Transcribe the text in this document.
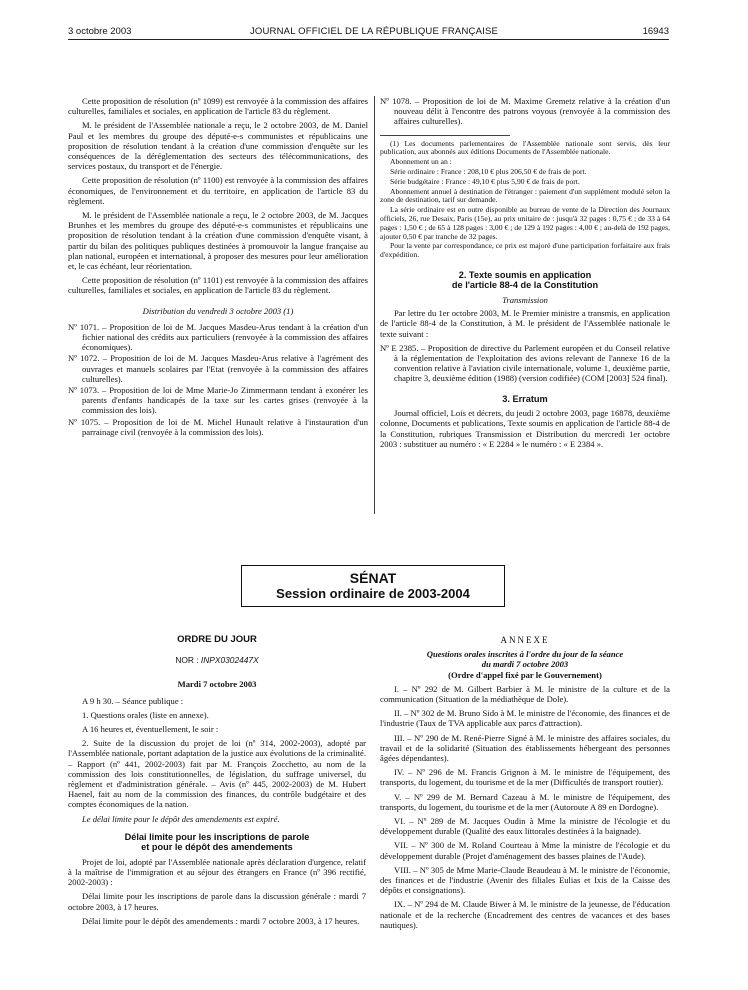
3 octobre 2003	JOURNAL OFFICIEL DE LA RÉPUBLIQUE FRANÇAISE	16943

Cette proposition de résolution (nº 1099) est renvoyée à la commission des affaires culturelles, familiales et sociales, en application de l'article 83 du règlement.

M. le président de l'Assemblée nationale a reçu, le 2 octobre 2003, de M. Daniel Paul et les membres du groupe des député-e-s communistes et républicains une proposition de résolution tendant à la création d'une commission d'enquête sur les conséquences de la déréglementation des secteurs des télécommunications, des services postaux, du transport et de l'énergie.

Cette proposition de résolution (nº 1100) est renvoyée à la commission des affaires économiques, de l'environnement et du territoire, en application de l'article 83 du règlement.

M. le président de l'Assemblée nationale a reçu, le 2 octobre 2003, de M. Jacques Brunhes et les membres du groupe des député-e-s communistes et républicains une proposition de résolution tendant à la création d'une commission d'enquête visant, à partir du bilan des politiques publiques destinées à promouvoir la langue française au plan national, européen et international, à proposer des mesures pour leur amélioration et, le cas échéant, leur réorientation.

Cette proposition de résolution (nº 1101) est renvoyée à la commission des affaires culturelles, familiales et sociales, en application de l'article 83 du règlement.

Distribution du vendredi 3 octobre 2003 (1)

Nº 1071. – Proposition de loi de M. Jacques Masdeu-Arus tendant à la création d'un fichier national des crédits aux particuliers (renvoyée à la commission des affaires économiques).

Nº 1072. – Proposition de loi de M. Jacques Masdeu-Arus relative à l'agrément des ouvrages et manuels scolaires par l'Etat (renvoyée à la commission des affaires culturelles).

Nº 1073. – Proposition de loi de Mme Marie-Jo Zimmermann tendant à exonérer les parents d'enfants handicapés de la taxe sur les cartes grises (renvoyée à la commission des lois).

Nº 1075. – Proposition de loi de M. Michel Hunault relative à l'instauration d'un parrainage civil (renvoyée à la commission des lois).

Nº 1078. – Proposition de loi de M. Maxime Gremetz relative à la création d'un nouveau délit à l'encontre des patrons voyous (renvoyée à la commission des affaires culturelles).

(1) Les documents parlementaires de l'Assemblée nationale sont servis, dès leur publication, aux abonnés aux éditions Documents de l'Assemblée nationale.

Abonnement un an :

Série ordinaire : France : 208,10 € plus 206,50 € de frais de port.

Série budgétaire : France : 49,10 € plus 5,90 € de frais de port.

Abonnement annuel à destination de l'étranger : paiement d'un supplément modulé selon la zone de destination, tarif sur demande.

La série ordinaire est en outre disponible au bureau de vente de la Direction des Journaux officiels, 26, rue Desaix, Paris (15e), au prix unitaire de : jusqu'à 32 pages : 0,75 € ; de 33 à 64 pages : 1,50 € ; de 65 à 128 pages : 3,00 € ; de 129 à 192 pages : 4,00 € ; au-delà de 192 pages, ajouter 0,50 € par tranche de 32 pages.

Pour la vente par correspondance, ce prix est majoré d'une participation forfaitaire aux frais d'expédition.

2. Texte soumis en application
de l'article 88-4 de la Constitution

Transmission

Par lettre du 1er octobre 2003, M. le Premier ministre a transmis, en application de l'article 88-4 de la Constitution, à M. le président de l'Assemblée nationale le texte suivant :

Nº E 2385. – Proposition de directive du Parlement européen et du Conseil relative à la réglementation de l'exploitation des avions relevant de l'annexe 16 de la convention relative à l'aviation civile internationale, volume 1, deuxième partie, chapitre 3, deuxième édition (1988) (version codifiée) (COM [2003] 524 final).

3. Erratum

Journal officiel, Lois et décrets, du jeudi 2 octobre 2003, page 16878, deuxième colonne, Documents et publications, Texte soumis en application de l'article 88-4 de la Constitution, rubriques Transmission et Distribution du mercredi 1er octobre 2003 : substituer au numéro : « E 2284 » le numéro : « E 2384 ».

SÉNAT
Session ordinaire de 2003-2004
ORDRE DU JOUR
NOR : INPX0302447X

Mardi 7 octobre 2003

A 9 h 30. – Séance publique :

1. Questions orales (liste en annexe).

A 16 heures et, éventuellement, le soir :

2. Suite de la discussion du projet de loi (nº 314, 2002-2003), adopté par l'Assemblée nationale, portant adaptation de la justice aux évolutions de la criminalité. – Rapport (nº 441, 2002-2003) fait par M. François Zocchetto, au nom de la commission des lois constitutionnelles, de législation, du suffrage universel, du règlement et d'administration générale. – Avis (nº 445, 2002-2003) de M. Hubert Haenel, fait au nom de la commission des finances, du contrôle budgétaire et des comptes économiques de la nation.

Le délai limite pour le dépôt des amendements est expiré.

Délai limite pour les inscriptions de parole
et pour le dépôt des amendements

Projet de loi, adopté par l'Assemblée nationale après déclaration d'urgence, relatif à la maîtrise de l'immigration et au séjour des étrangers en France (nº 396 rectifié, 2002-2003) :

Délai limite pour les inscriptions de parole dans la discussion générale : mardi 7 octobre 2003, à 17 heures.

Délai limite pour le dépôt des amendements : mardi 7 octobre 2003, à 17 heures.

ANNEXE

Questions orales inscrites à l'ordre du jour de la séance

du mardi 7 octobre 2003

(Ordre d'appel fixé par le Gouvernement)

I. – Nº 292 de M. Gilbert Barbier à M. le ministre de la culture et de la communication (Situation de la médiathèque de Dole).

II. – Nº 302 de M. Bruno Sido à M. le ministre de l'économie, des finances et de l'industrie (Taux de TVA applicable aux parcs d'attraction).

III. – Nº 290 de M. René-Pierre Signé à M. le ministre des affaires sociales, du travail et de la solidarité (Situation des établissements hébergeant des personnes âgées dépendantes).

IV. – Nº 296 de M. Francis Grignon à M. le ministre de l'équipement, des transports, du logement, du tourisme et de la mer (Difficultés de transport routier).

V. – Nº 299 de M. Bernard Cazeau à M. le ministre de l'équipement, des transports, du logement, du tourisme et de la mer (Autoroute A 89 en Dordogne).

VI. – Nº 289 de M. Jacques Oudin à Mme la ministre de l'écologie et du développement durable (Qualité des eaux littorales destinées à la baignade).

VII. – Nº 300 de M. Roland Courteau à Mme la ministre de l'écologie et du développement durable (Projet d'aménagement des basses plaines de l'Aude).

VIII. – Nº 305 de Mme Marie-Claude Beaudeau à M. le ministre de l'économie, des finances et de l'industrie (Avenir des filiales Eulias et Ixis de la Caisse des dépôts et consignations).

IX. – Nº 294 de M. Claude Biwer à M. le ministre de la jeunesse, de l'éducation nationale et de la recherche (Encadrement des centres de vacances et des bases nautiques).
